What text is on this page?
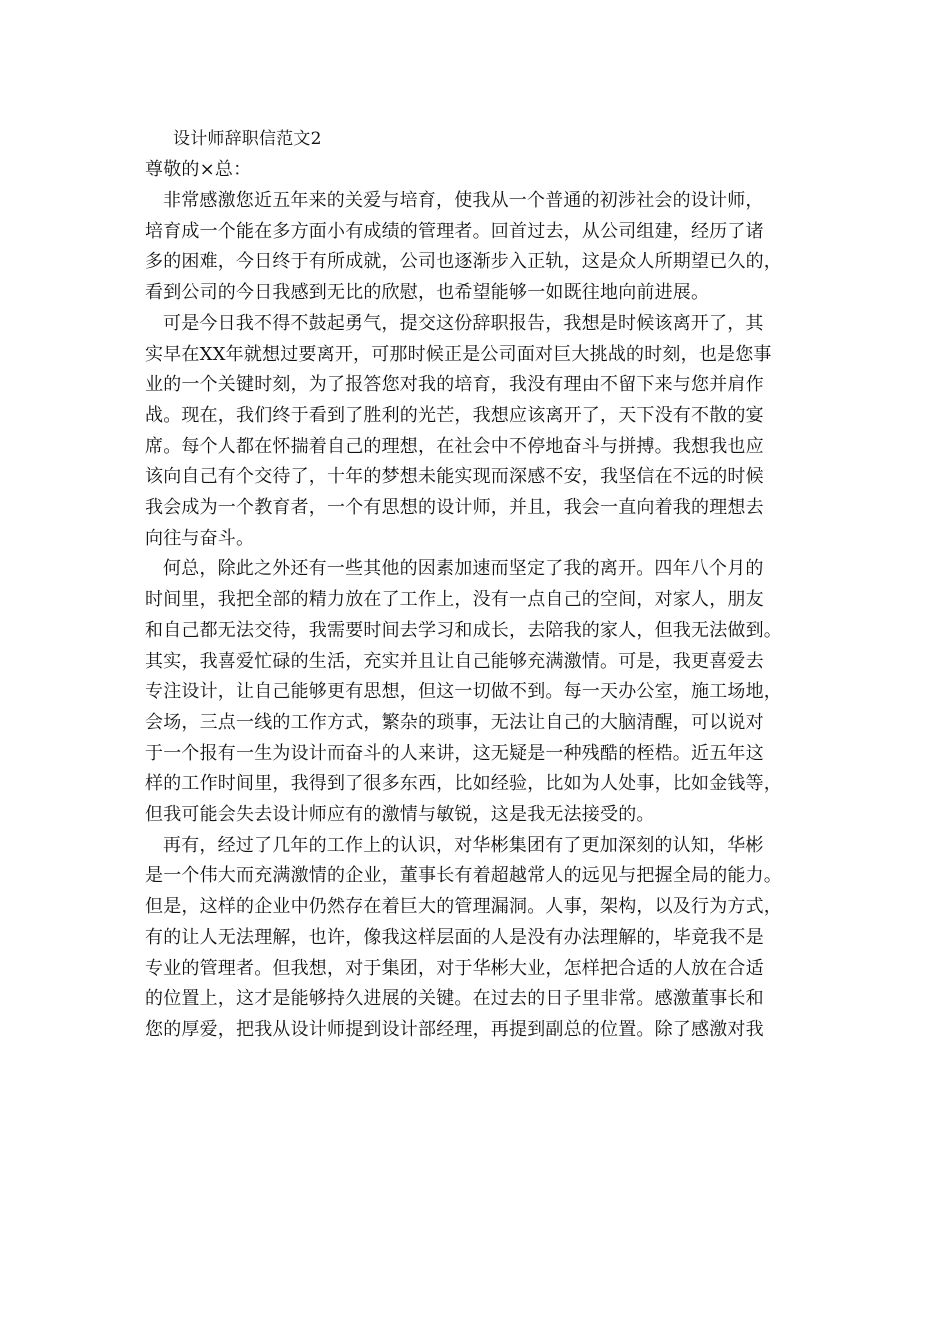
设计师辞职信范文2

尊敬的×总：

非常感激您近五年来的关爱与培育，使我从一个普通的初涉社会的设计师，
培育成一个能在多方面小有成绩的管理者。回首过去，从公司组建，经历了诸
多的困难，今日终于有所成就，公司也逐渐步入正轨，这是众人所期望已久的，
看到公司的今日我感到无比的欣慰，也希望能够一如既往地向前进展。

可是今日我不得不鼓起勇气，提交这份辞职报告，我想是时候该离开了，其
实早在XX年就想过要离开，可那时候正是公司面对巨大挑战的时刻，也是您事
业的一个关键时刻，为了报答您对我的培育，我没有理由不留下来与您并肩作
战。现在，我们终于看到了胜利的光芒，我想应该离开了，天下没有不散的宴
席。每个人都在怀揣着自己的理想，在社会中不停地奋斗与拼搏。我想我也应
该向自己有个交待了，十年的梦想未能实现而深感不安，我坚信在不远的时候
我会成为一个教育者，一个有思想的设计师，并且，我会一直向着我的理想去
向往与奋斗。

何总，除此之外还有一些其他的因素加速而坚定了我的离开。四年八个月的
时间里，我把全部的精力放在了工作上，没有一点自己的空间，对家人，朋友
和自己都无法交待，我需要时间去学习和成长，去陪我的家人，但我无法做到。
其实，我喜爱忙碌的生活，充实并且让自己能够充满激情。可是，我更喜爱去
专注设计，让自己能够更有思想，但这一切做不到。每一天办公室，施工场地，
会场，三点一线的工作方式，繁杂的琐事，无法让自己的大脑清醒，可以说对
于一个报有一生为设计而奋斗的人来讲，这无疑是一种残酷的桎梏。近五年这
样的工作时间里，我得到了很多东西，比如经验，比如为人处事，比如金钱等，
但我可能会失去设计师应有的激情与敏锐，这是我无法接受的。

再有，经过了几年的工作上的认识，对华彬集团有了更加深刻的认知，华彬
是一个伟大而充满激情的企业，董事长有着超越常人的远见与把握全局的能力。
但是，这样的企业中仍然存在着巨大的管理漏洞。人事，架构，以及行为方式，
有的让人无法理解，也许，像我这样层面的人是没有办法理解的，毕竟我不是
专业的管理者。但我想，对于集团，对于华彬大业，怎样把合适的人放在合适
的位置上，这才是能够持久进展的关键。在过去的日子里非常。感激董事长和
您的厚爱，把我从设计师提到设计部经理，再提到副总的位置。除了感激对我
